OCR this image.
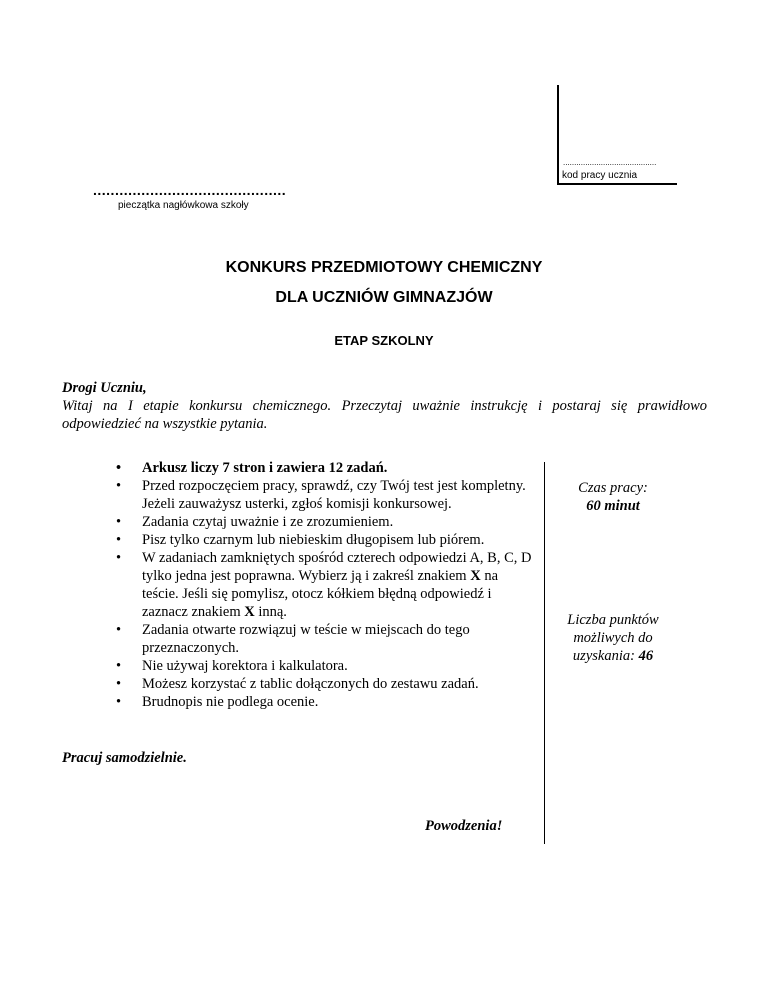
..........................................
kod pracy ucznia
............................................
pieczątka nagłówkowa szkoły
KONKURS PRZEDMIOTOWY CHEMICZNY
DLA UCZNIÓW GIMNAZJÓW
ETAP SZKOLNY
Drogi Uczniu,
Witaj na I etapie konkursu chemicznego. Przeczytaj uważnie instrukcję i postaraj się prawidłowo odpowiedzieć na wszystkie pytania.
• Arkusz liczy 7 stron i zawiera 12 zadań.
• Przed rozpoczęciem pracy, sprawdź, czy Twój test jest kompletny. Jeżeli zauważysz usterki, zgłoś komisji konkursowej.
• Zadania czytaj uważnie i ze zrozumieniem.
• Pisz tylko czarnym lub niebieskim długopisem lub piórem.
• W zadaniach zamkniętych spośród czterech odpowiedzi A, B, C, D tylko jedna jest poprawna. Wybierz ją i zakreśl znakiem X na teście. Jeśli się pomylisz, otocz kółkiem błędną odpowiedź i zaznacz znakiem X inną.
• Zadania otwarte rozwiązuj w teście w miejscach do tego przeznaczonych.
• Nie używaj korektora i kalkulatora.
• Możesz korzystać z tablic dołączonych do zestawu zadań.
• Brudnopis nie podlega ocenie.
Czas pracy:
60 minut
Liczba punktów
możliwych do
uzyskania: 46
Pracuj samodzielnie.
Powodzenia!
